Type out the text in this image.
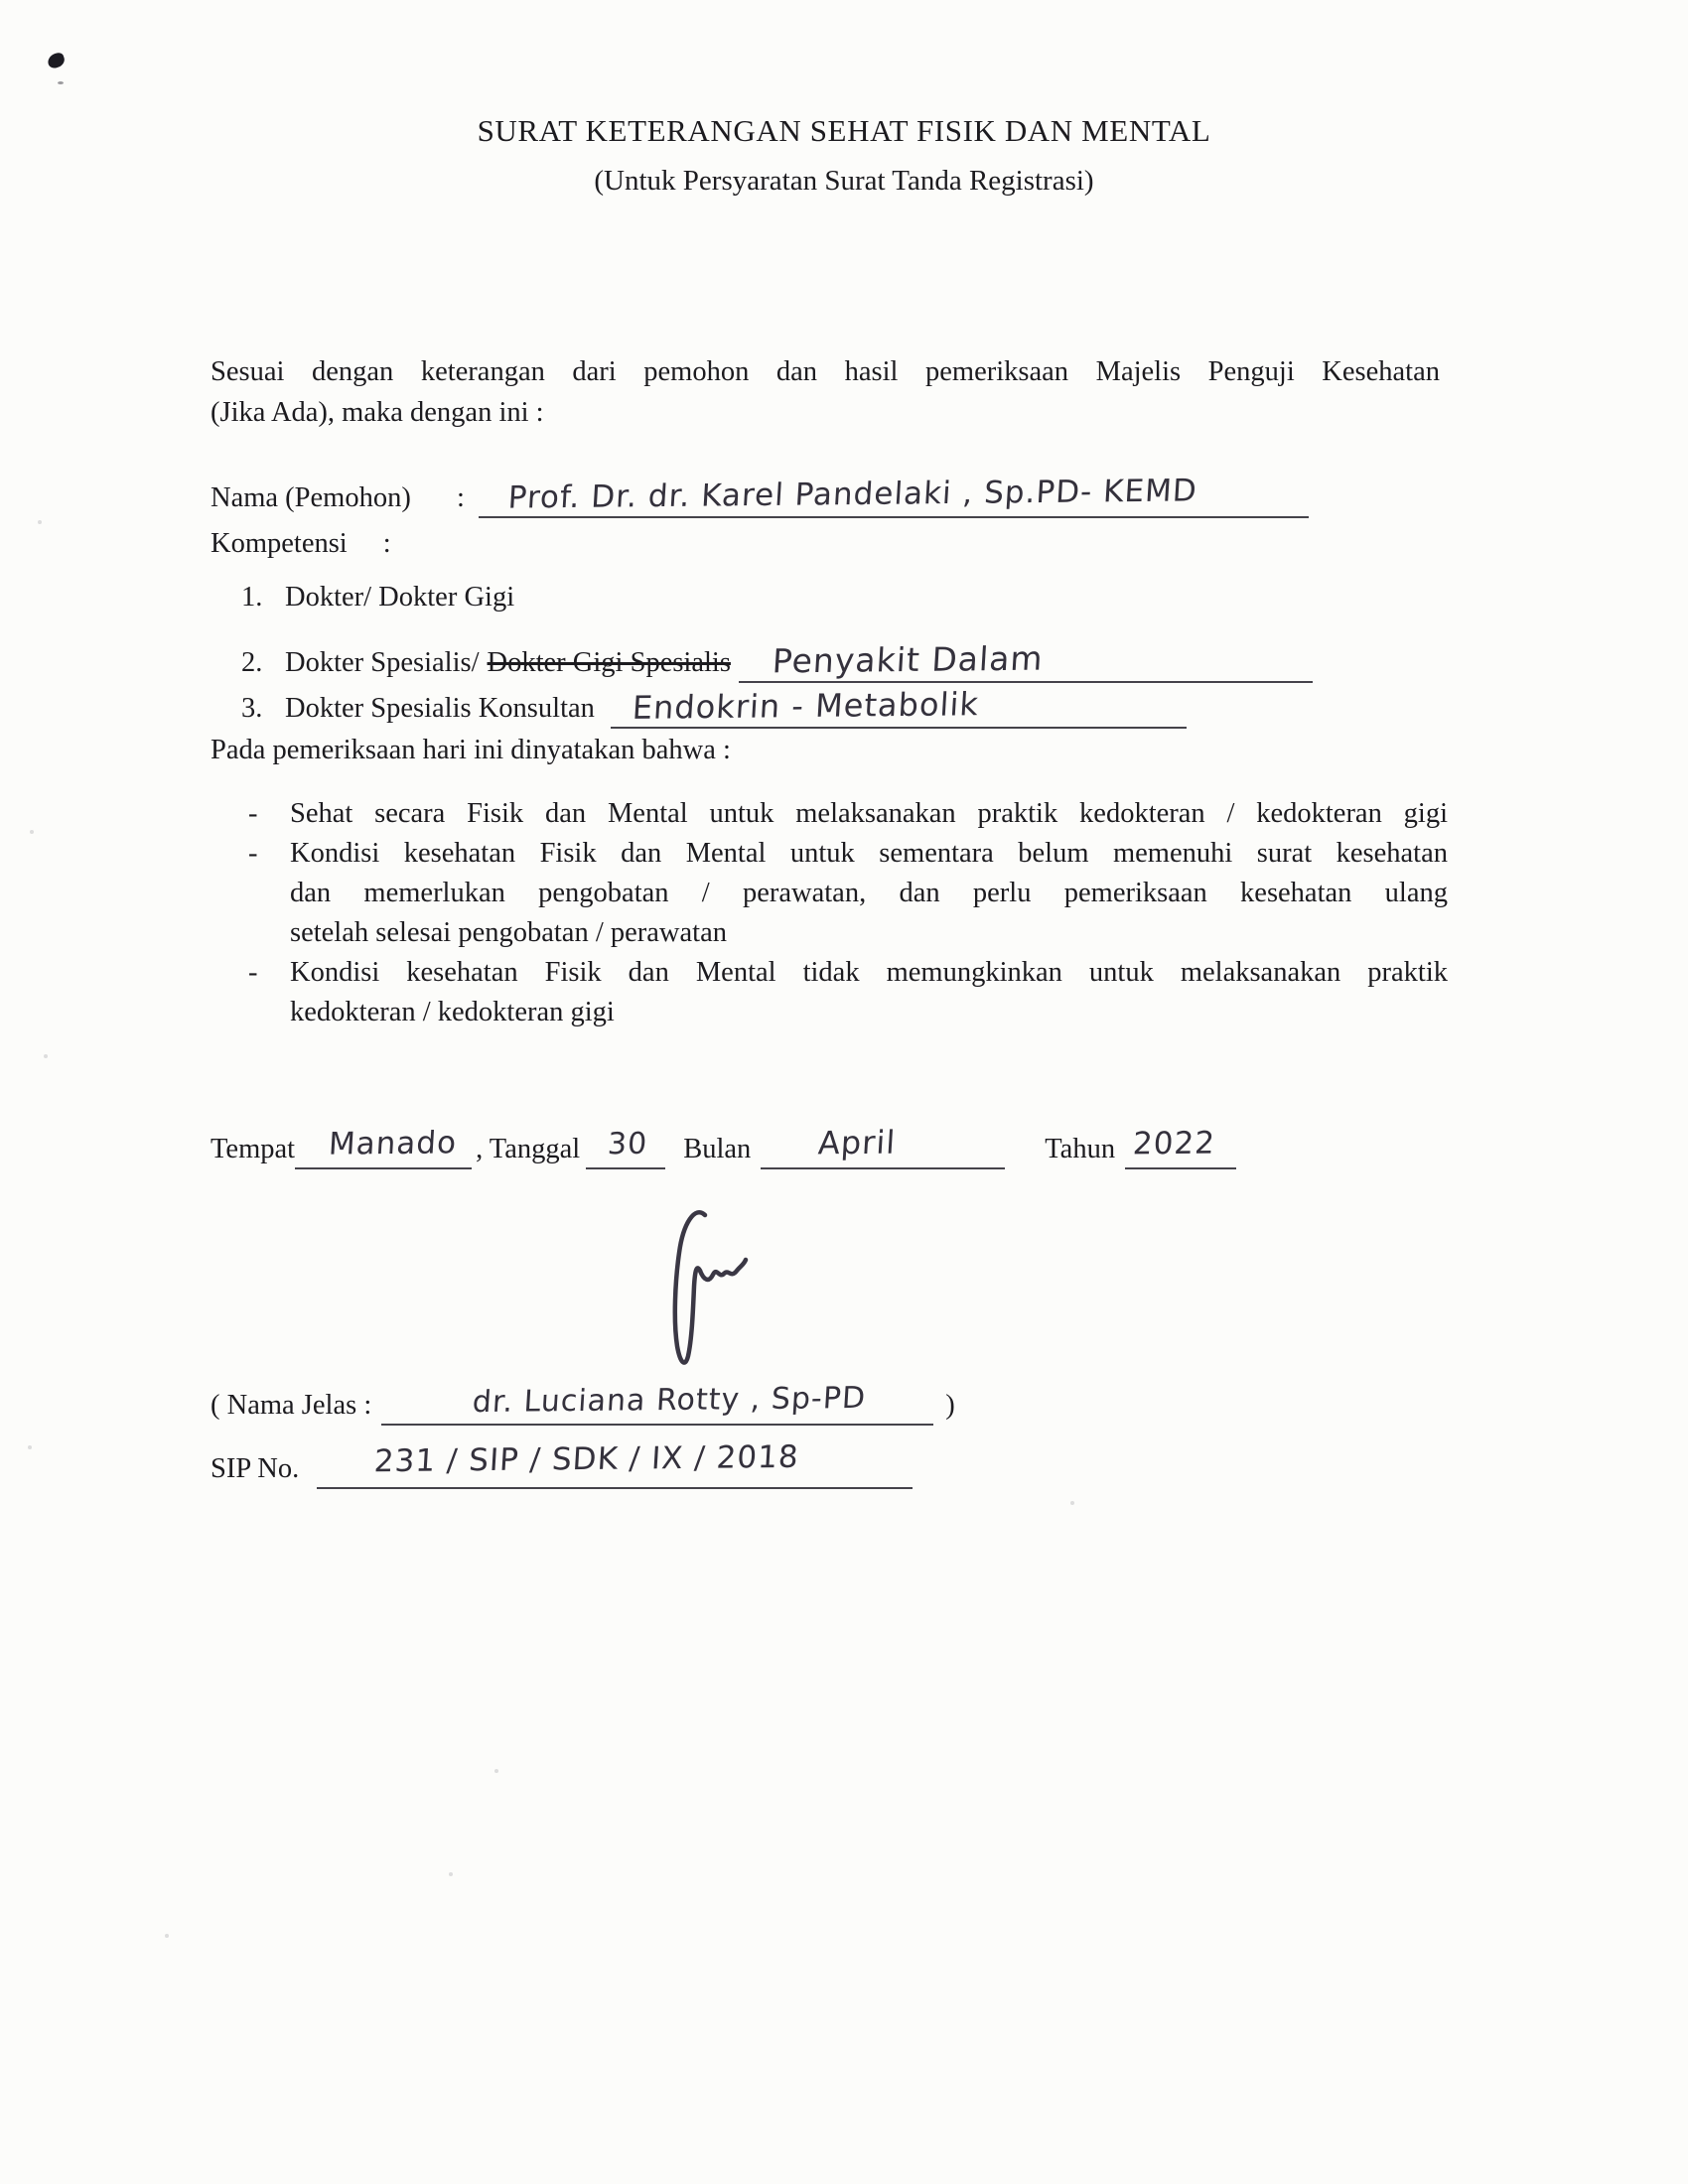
SURAT KETERANGAN SEHAT FISIK DAN MENTAL
(Untuk Persyaratan Surat Tanda Registrasi)
Sesuai dengan keterangan dari pemohon dan hasil pemeriksaan Majelis Penguji Kesehatan
(Jika Ada), maka dengan ini :
Nama (Pemohon)	: Prof. Dr. dr. Karel Pandelaki , Sp.PD- KEMD
Kompetensi :
1. Dokter/ Dokter Gigi
2. Dokter Spesialis/ Dokter Gigi Spesialis Penyakit Dalam
3. Dokter Spesialis Konsultan Endokrin - Metabolik
Pada pemeriksaan hari ini dinyatakan bahwa :
-	Sehat secara Fisik dan Mental untuk melaksanakan praktik kedokteran / kedokteran gigi
-	Kondisi kesehatan Fisik dan Mental untuk sementara belum memenuhi surat kesehatan
dan memerlukan pengobatan / perawatan, dan perlu pemeriksaan kesehatan ulang
setelah selesai pengobatan / perawatan
-	Kondisi kesehatan Fisik dan Mental tidak memungkinkan untuk melaksanakan praktik
kedokteran / kedokteran gigi
Tempat Manado , Tanggal 30 Bulan April	Tahun 2022
( Nama Jelas :	dr. Luciana Rotty , Sp-PD	)
SIP No. 231 / SIP / SDK / IX / 2018
